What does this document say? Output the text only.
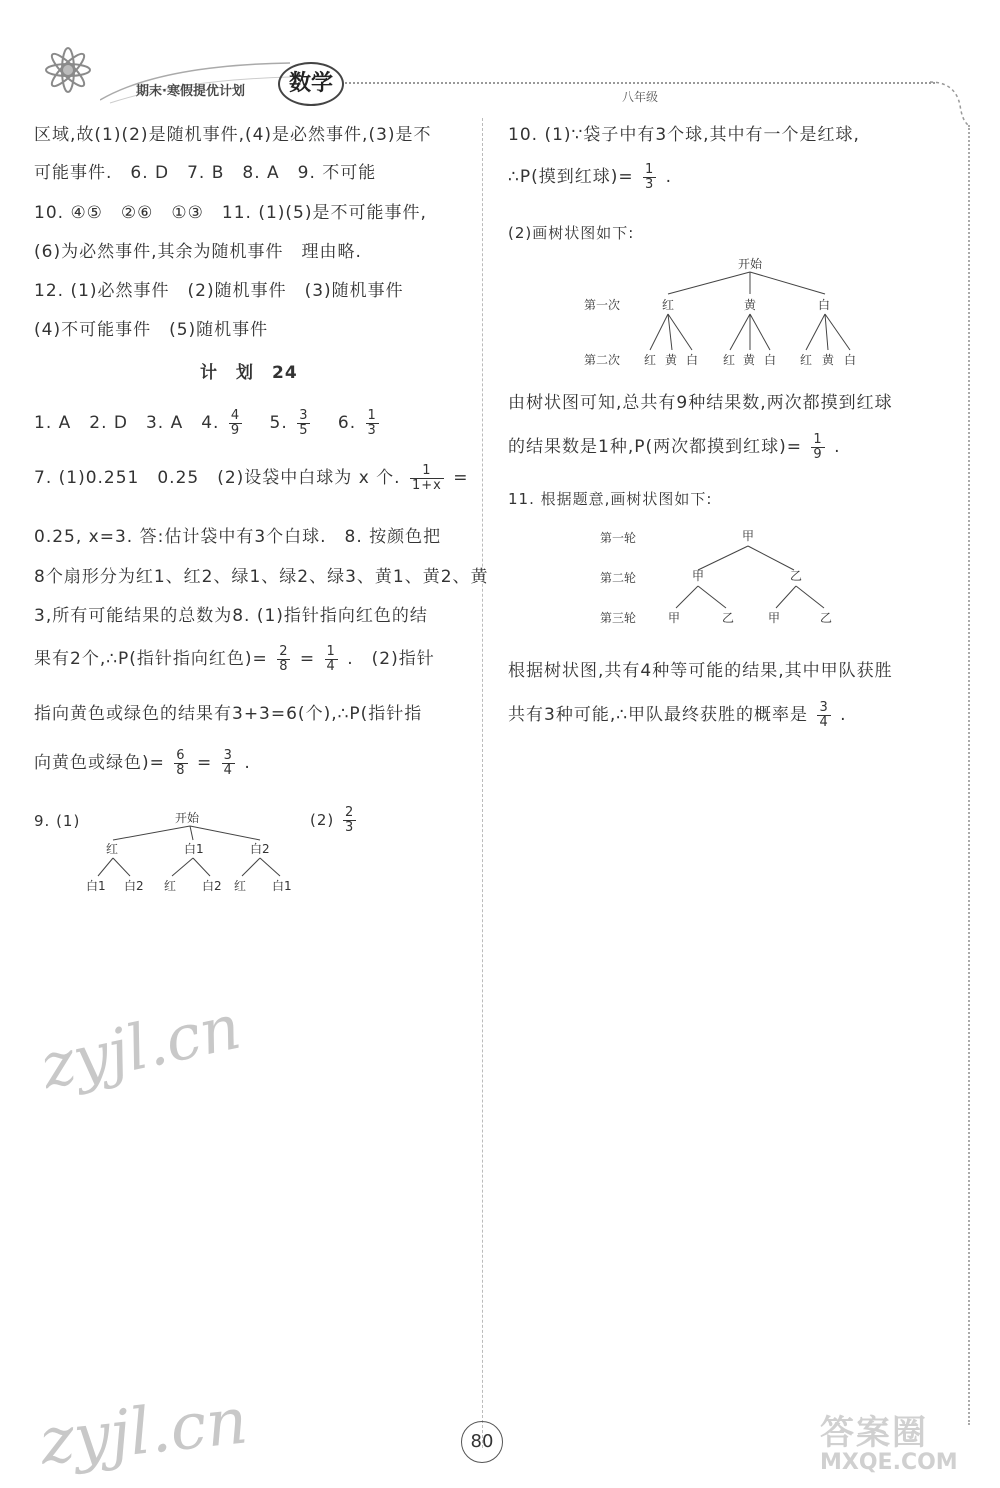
期末·寒假提优计划	数学
八年级
区域,故(1)(2)是随机事件,(4)是必然事件,(3)是不
可能事件.　6. D　7. B　8. A　9. 不可能
10. ④⑤　②⑥　①③　11. (1)(5)是不可能事件,
(6)为必然事件,其余为随机事件　理由略.
12. (1)必然事件　(2)随机事件　(3)随机事件
(4)不可能事件　(5)随机事件
计　划　24
1. A　2. D　3. A　4. $\frac{4}{9} 5$. $\frac{3}{5} 6$. $\frac{1}{3}$
7. (1)0.251　0.25　(2)设袋中白球为 x 个. $\frac{1}{1+x}$ =
0.25, x=3. 答:估计袋中有3个白球.　8. 按颜色把
8个扇形分为红1、红2、绿1、绿2、绿3、黄1、黄2、黄
3,所有可能结果的总数为8. (1)指针指向红色的结
果有2个,∴P(指针指向红色)= $\frac{2}{8} = \frac{1}{4}$ .　(2)指针
指向黄色或绿色的结果有3+3=6(个),∴P(指针指
向黄色或绿色)= $\frac{6}{8} = \frac{3}{4}$ .
9. (1)	$(2) \frac{2}{3}$
开始
红	白1	白2
白1 白2 红 白2 红 白1
10. (1)∵袋子中有3个球,其中有一个是红球,
∴P(摸到红球)= $\frac{1}{3}$ .
(2)画树状图如下:
开始
第一次	红	黄	白
第二次 红 黄 白 红 黄 白 红 黄 白
由树状图可知,总共有9种结果数,两次都摸到红球
的结果数是1种,P(两次都摸到红球)= $\frac{1}{9}$ .
11. 根据题意,画树状图如下:
第一轮	甲
第二轮	甲	乙
第三轮	甲	乙	甲	乙
根据树状图,共有4种等可能的结果,其中甲队获胜
共有3种可能,∴甲队最终获胜的概率是 $\frac{3}{4}$ .
zyjl.cn
zyjl.cn	80	答案圈
MXQE.COM
